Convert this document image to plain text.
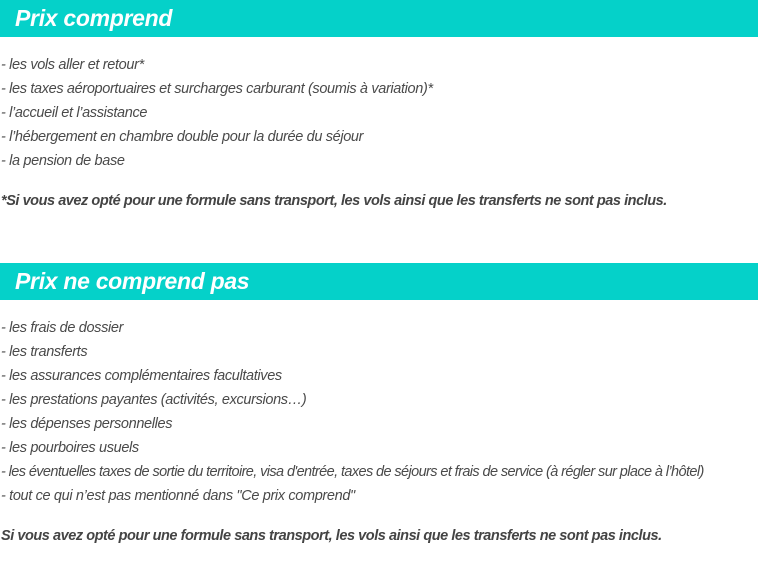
Prix comprend
- les vols aller et retour*
- les taxes aéroportuaires et surcharges carburant (soumis à variation)*
- l’accueil et l’assistance
- l’hébergement en chambre double pour la durée du séjour
- la pension de base
*Si vous avez opté pour une formule sans transport, les vols ainsi que les transferts ne sont pas inclus.
Prix ne comprend pas
- les frais de dossier
- les transferts
- les assurances complémentaires facultatives
- les prestations payantes (activités, excursions…)
- les dépenses personnelles
- les pourboires usuels
- les éventuelles taxes de sortie du territoire, visa d'entrée, taxes de séjours et frais de service (à régler sur place à l’hôtel)
- tout ce qui n’est pas mentionné dans "Ce prix comprend"
Si vous avez opté pour une formule sans transport, les vols ainsi que les transferts ne sont pas inclus.
